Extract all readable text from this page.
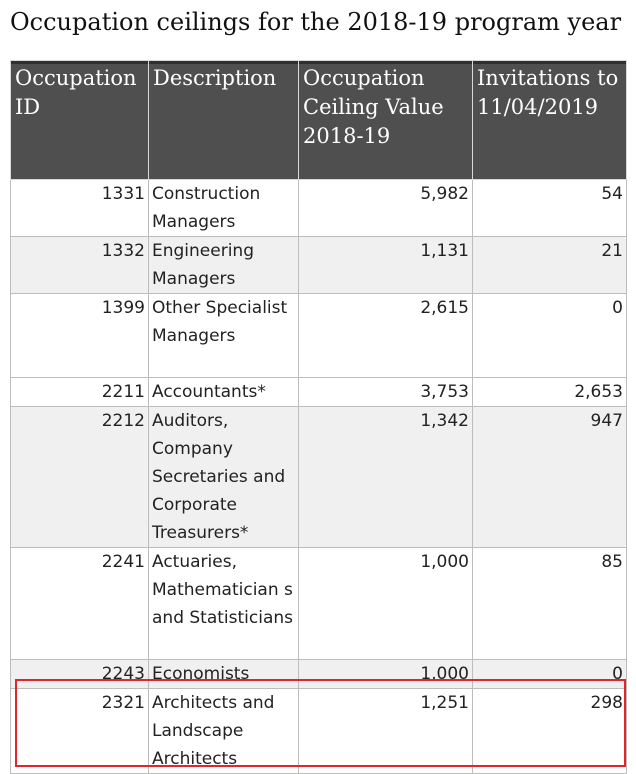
Occupation ceilings for the 2018-19 program year
Occupation ID	Description	Occupation Ceiling Value 2018-19	Invitations to 11/04/2019
1331	Construction Managers	5,982	54
1332	Engineering Managers	1,131	21
1399	Other Specialist Managers	2,615	0
2211	Accountants*	3,753	2,653
2212	Auditors, Company Secretaries and Corporate Treasurers*	1,342	947
2241	Actuaries, Mathematician s and Statisticians	1,000	85
2243	Economists	1,000	0
2321	Architects and Landscape Architects	1,251	298
